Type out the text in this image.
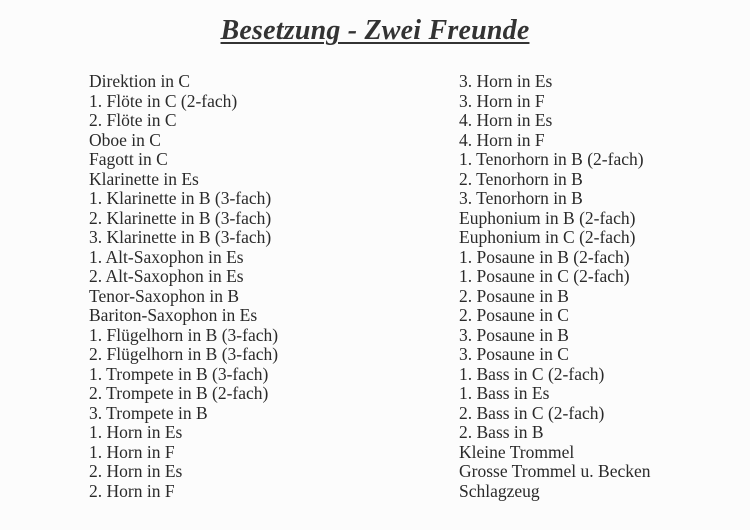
Besetzung - Zwei Freunde
Direktion in C
1. Flöte in C (2-fach)
2. Flöte in C
Oboe in C
Fagott in C
Klarinette in Es
1. Klarinette in B (3-fach)
2. Klarinette in B (3-fach)
3. Klarinette in B (3-fach)
1. Alt-Saxophon in Es
2. Alt-Saxophon in Es
Tenor-Saxophon in B
Bariton-Saxophon in Es
1. Flügelhorn in B (3-fach)
2. Flügelhorn in B (3-fach)
1. Trompete in B (3-fach)
2. Trompete in B (2-fach)
3. Trompete in B
1. Horn in Es
1. Horn in F
2. Horn in Es
2. Horn in F
3. Horn in Es
3. Horn in F
4. Horn in Es
4. Horn in F
1. Tenorhorn in B (2-fach)
2. Tenorhorn in B
3. Tenorhorn in B
Euphonium in B (2-fach)
Euphonium in C (2-fach)
1. Posaune in B (2-fach)
1. Posaune in C (2-fach)
2. Posaune in B
2. Posaune in C
3. Posaune in B
3. Posaune in C
1. Bass in C (2-fach)
1. Bass in Es
2. Bass in C (2-fach)
2. Bass in B
Kleine Trommel
Grosse Trommel u. Becken
Schlagzeug
